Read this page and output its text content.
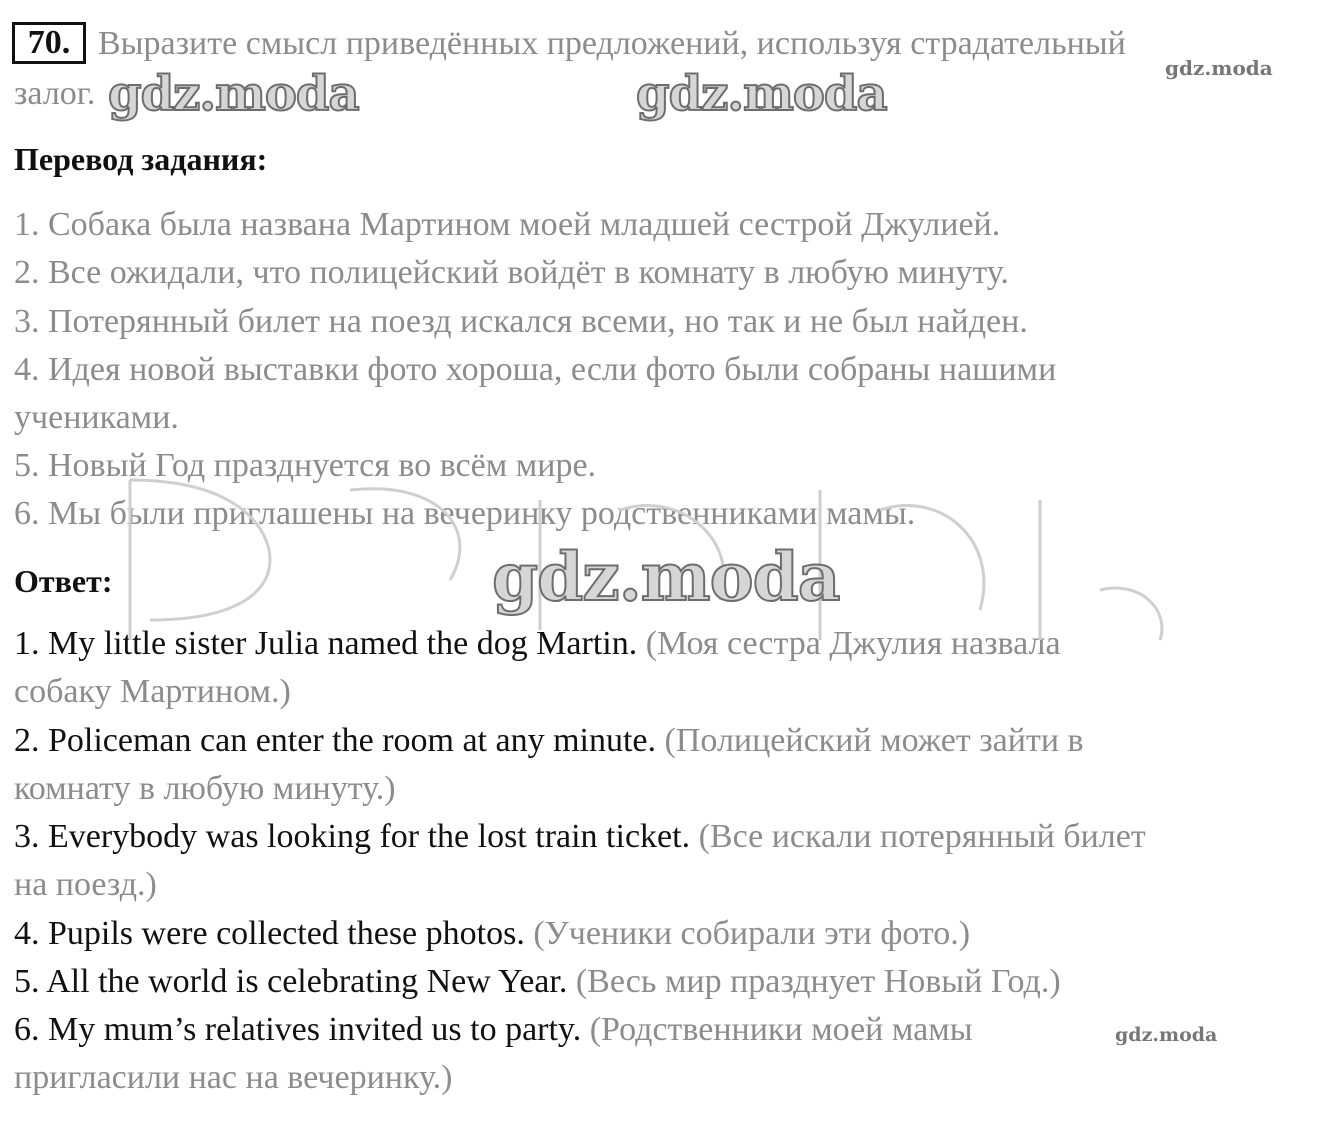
70. Выразите смысл приведённых предложений, используя страдательный
залог.
Перевод задания:
1. Собака была названа Мартином моей младшей сестрой Джулией.
2. Все ожидали, что полицейский войдёт в комнату в любую минуту.
3. Потерянный билет на поезд искался всеми, но так и не был найден.
4. Идея новой выставки фото хороша, если фото были собраны нашими
учениками.
5. Новый Год празднуется во всём мире.
6. Мы были приглашены на вечеринку родственниками мамы.
Ответ:
1. My little sister Julia named the dog Martin. (Моя сестра Джулия назвала
собаку Мартином.)
2. Policeman can enter the room at any minute. (Полицейский может зайти в
комнату в любую минуту.)
3. Everybody was looking for the lost train ticket. (Все искали потерянный билет
на поезд.)
4. Pupils were collected these photos. (Ученики собирали эти фото.)
5. All the world is celebrating New Year. (Весь мир празднует Новый Год.)
6. My mum’s relatives invited us to party. (Родственники моей мамы
пригласили нас на вечеринку.)
gdz.moda	gdz.moda	gdz.moda
gdz.moda
gdz.moda
